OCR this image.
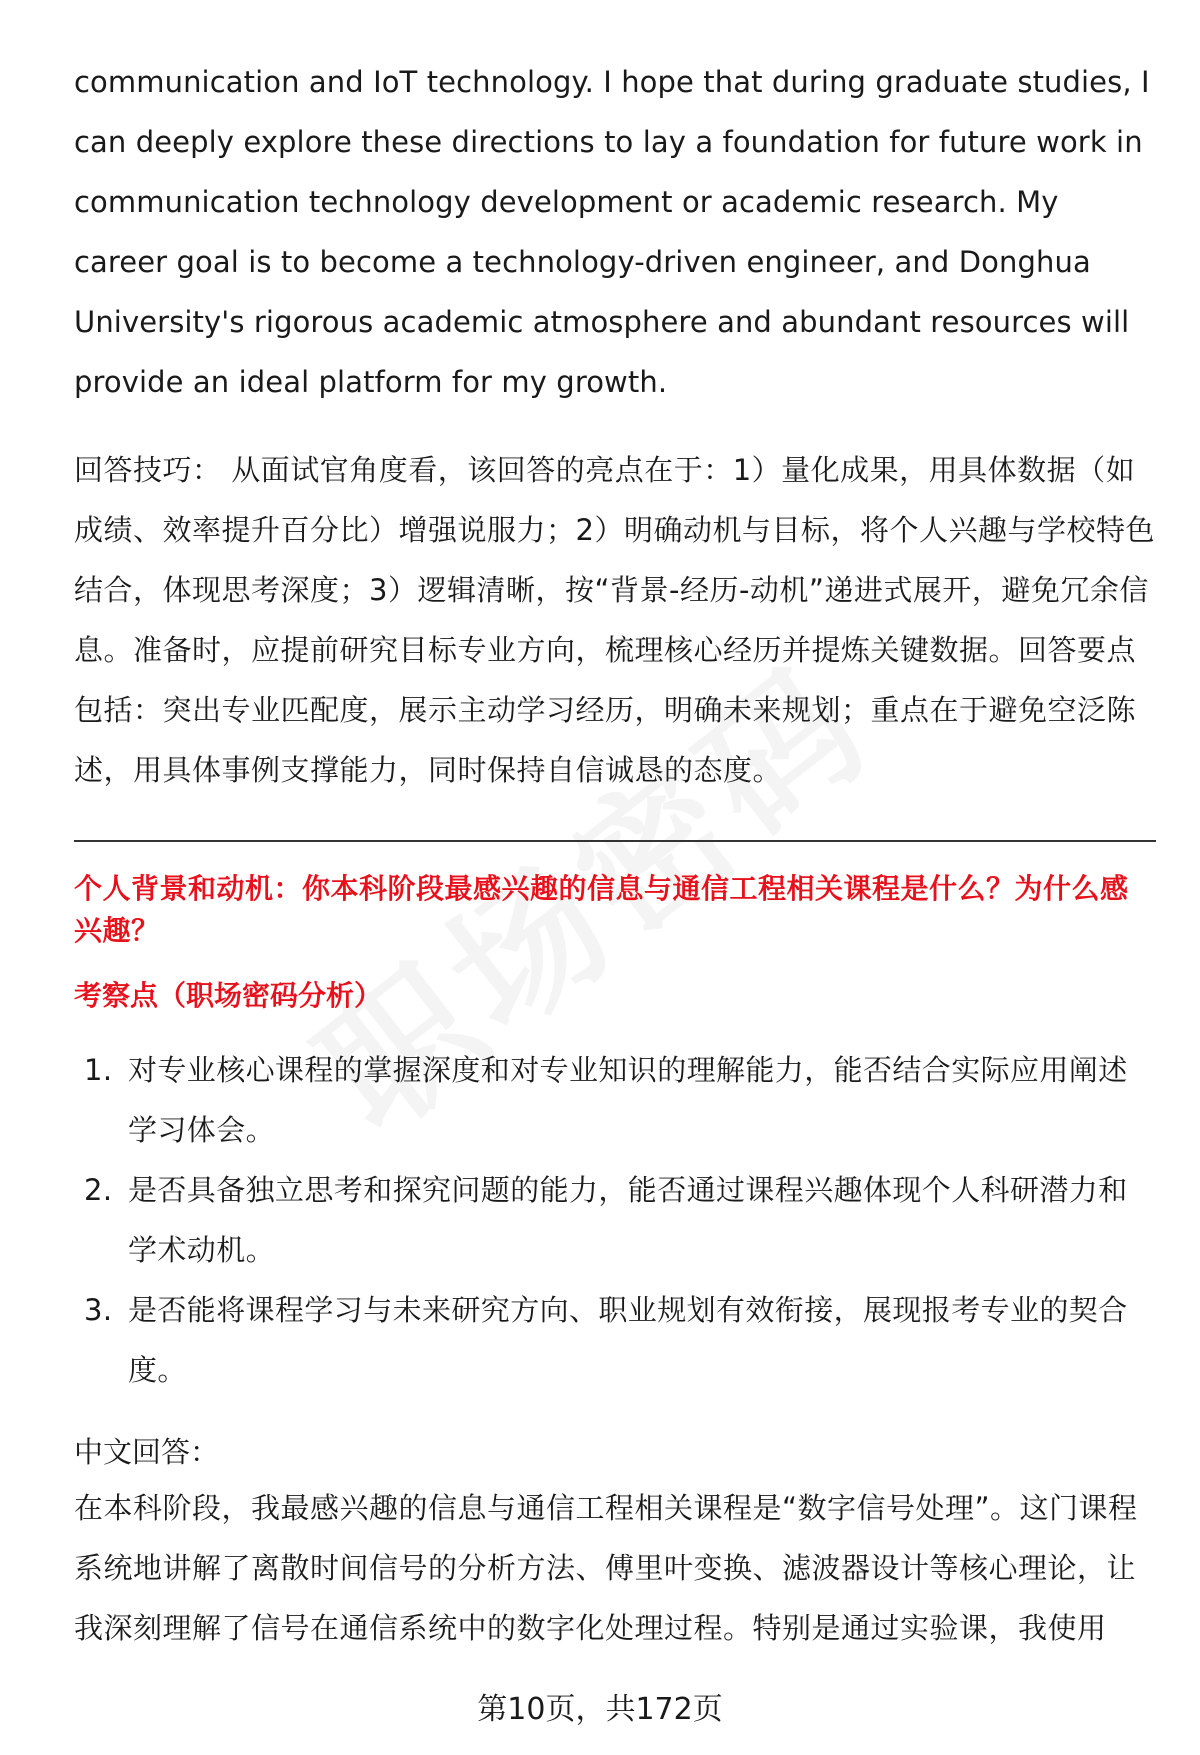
communication and IoT technology. I hope that during graduate studies, I can deeply explore these directions to lay a foundation for future work in communication technology development or academic research. My career goal is to become a technology-driven engineer, and Donghua University's rigorous academic atmosphere and abundant resources will provide an ideal platform for my growth.

回答技巧： 从面试官角度看，该回答的亮点在于：1）量化成果，用具体数据（如成绩、效率提升百分比）增强说服力；2）明确动机与目标，将个人兴趣与学校特色结合，体现思考深度；3）逻辑清晰，按“背景-经历-动机”递进式展开，避免冗余信息。准备时，应提前研究目标专业方向，梳理核心经历并提炼关键数据。回答要点包括：突出专业匹配度，展示主动学习经历，明确未来规划；重点在于避免空泛陈述，用具体事例支撑能力，同时保持自信诚恳的态度。

个人背景和动机：你本科阶段最感兴趣的信息与通信工程相关课程是什么？为什么感兴趣？
考察点（职场密码分析）
1. 对专业核心课程的掌握深度和对专业知识的理解能力，能否结合实际应用阐述学习体会。
2. 是否具备独立思考和探究问题的能力，能否通过课程兴趣体现个人科研潜力和学术动机。
3. 是否能将课程学习与未来研究方向、职业规划有效衔接，展现报考专业的契合度。
中文回答：

在本科阶段，我最感兴趣的信息与通信工程相关课程是“数字信号处理”。这门课程系统地讲解了离散时间信号的分析方法、傅里叶变换、滤波器设计等核心理论，让我深刻理解了信号在通信系统中的数字化处理过程。特别是通过实验课，我使用

第10页，共172页
